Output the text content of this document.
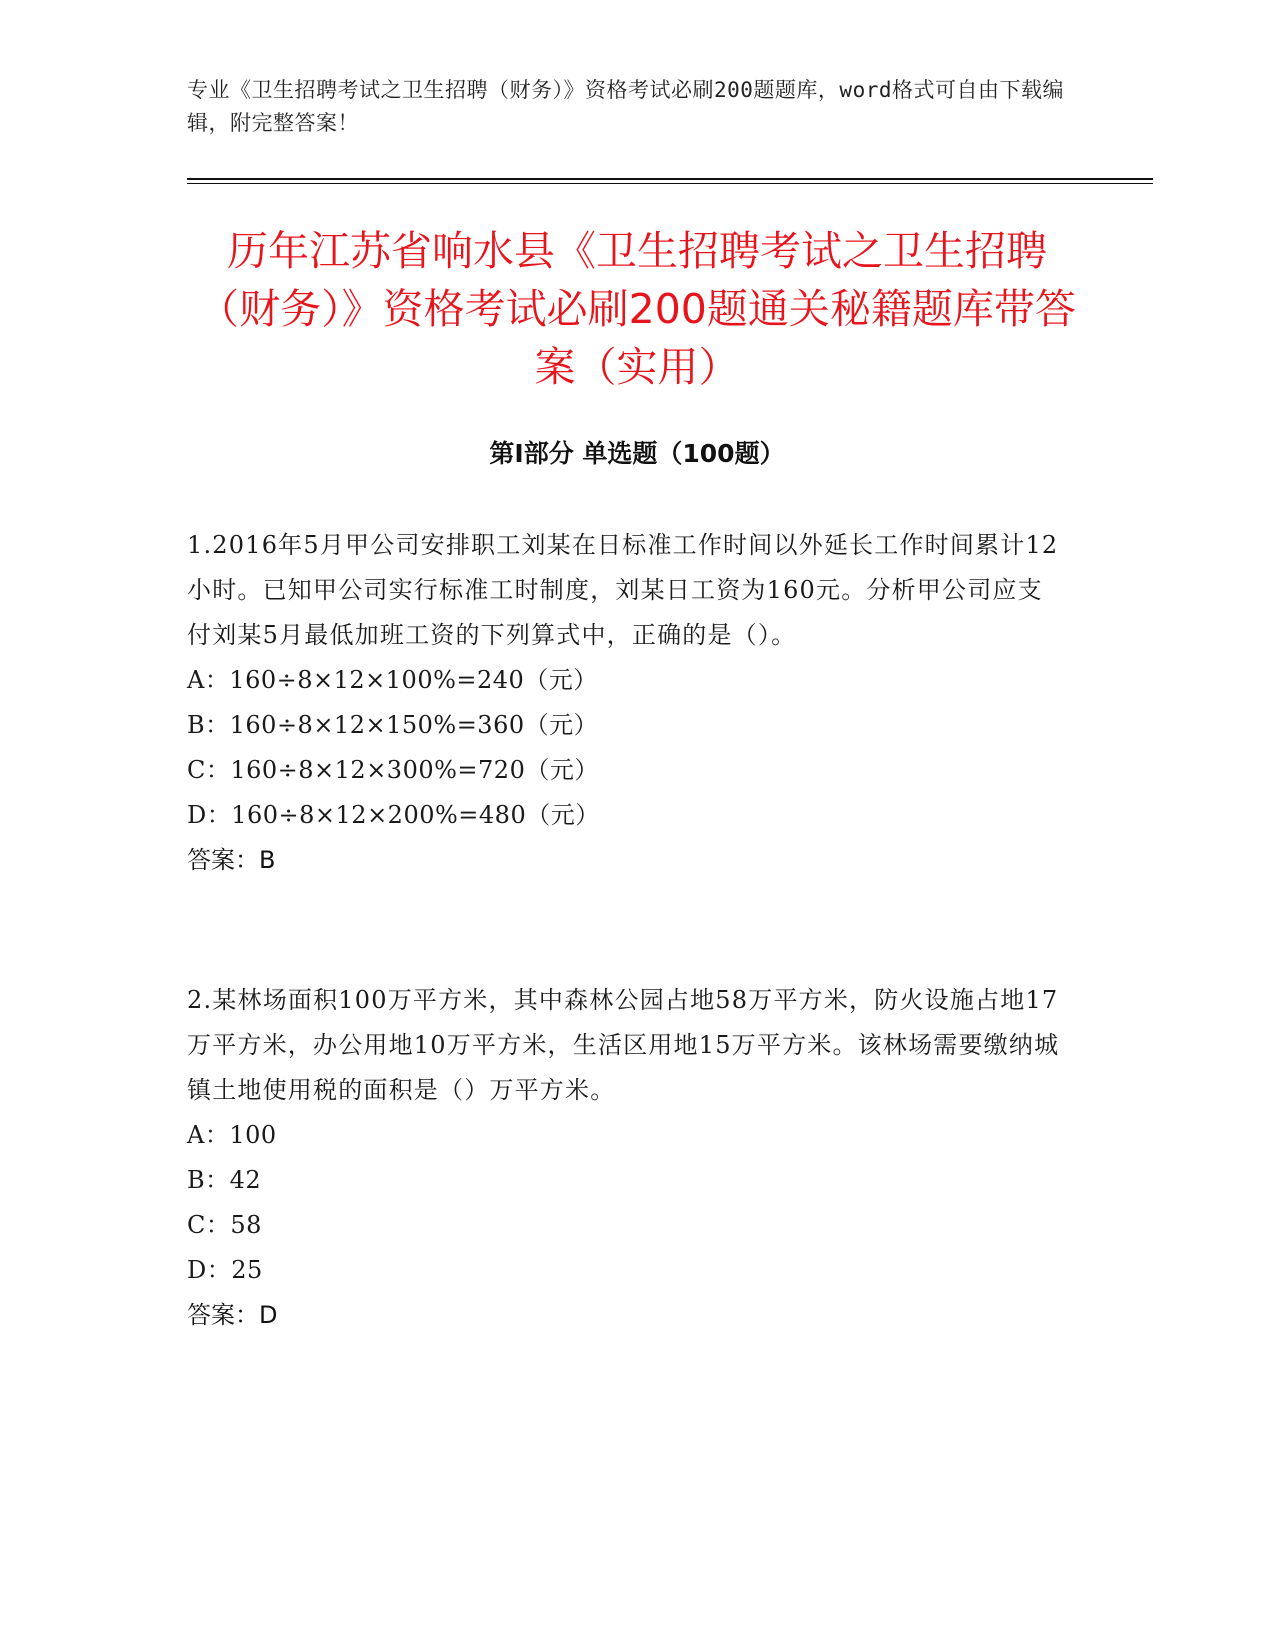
专业《卫生招聘考试之卫生招聘（财务）》资格考试必刷200题题库，word格式可自由下载编辑，附完整答案！
历年江苏省响水县《卫生招聘考试之卫生招聘（财务）》资格考试必刷200题通关秘籍题库带答案（实用）
第I部分 单选题（100题）

1.2016年5月甲公司安排职工刘某在日标准工作时间以外延长工作时间累计12小时。已知甲公司实行标准工时制度，刘某日工资为160元。分析甲公司应支付刘某5月最低加班工资的下列算式中，正确的是（）。

A：160÷8×12×100%=240（元）

B：160÷8×12×150%=360（元）

C：160÷8×12×300%=720（元）

D：160÷8×12×200%=480（元）

答案：B

2.某林场面积100万平方米，其中森林公园占地58万平方米，防火设施占地17万平方米，办公用地10万平方米，生活区用地15万平方米。该林场需要缴纳城镇土地使用税的面积是（）万平方米。

A：100

B：42

C：58

D：25

答案：D
